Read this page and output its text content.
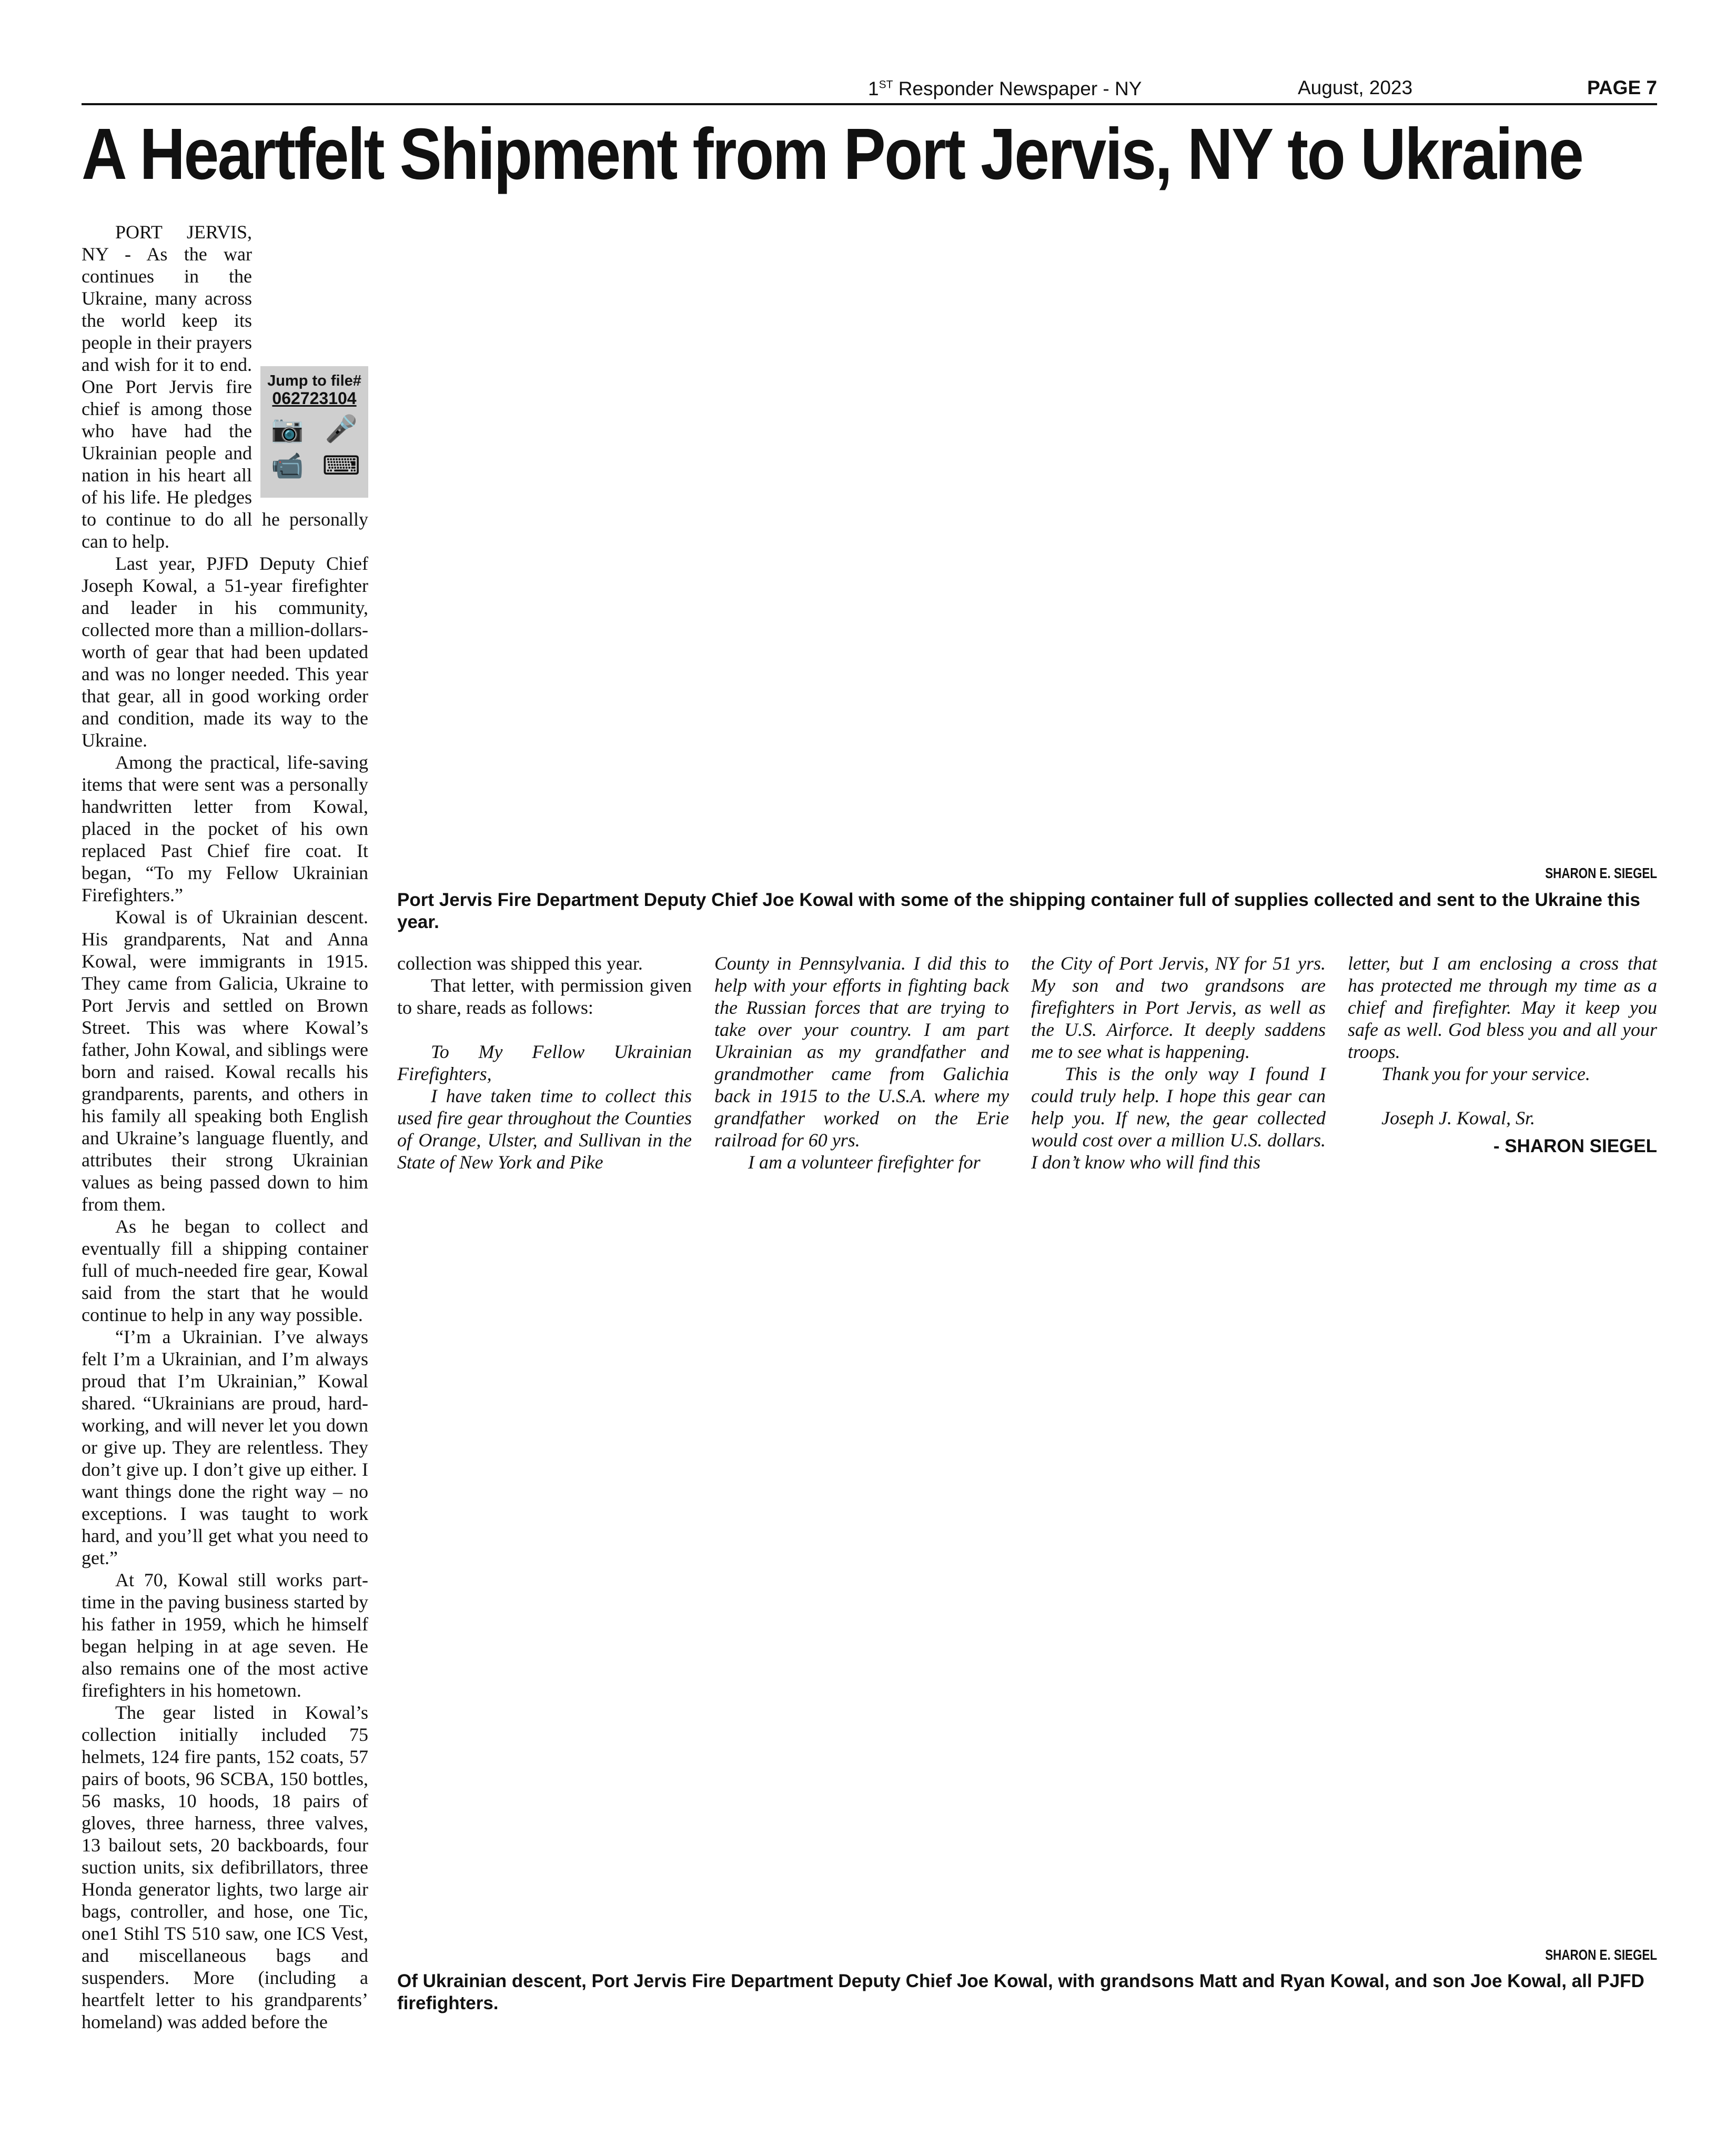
1ST Responder Newspaper - NY	August, 2023	PAGE 7
A Heartfelt Shipment from Port Jervis, NY to Ukraine
Jump to file#
062723104
📷 🎤
📹 ⌨

PORT JERVIS, NY - As the war continues in the Ukraine, many across the world keep its people in their prayers and wish for it to end. One Port Jervis fire chief is among those who have had the Ukrainian people and nation in his heart all of his life. He pledges to continue to do all he personally can to help.

Last year, PJFD Deputy Chief Joseph Kowal, a 51-year firefighter and leader in his community, collected more than a million-dollars-worth of gear that had been updated and was no longer needed. This year that gear, all in good working order and condition, made its way to the Ukraine.

Among the practical, life-saving items that were sent was a personally handwritten letter from Kowal, placed in the pocket of his own replaced Past Chief fire coat. It began, “To my Fellow Ukrainian Firefighters.”

Kowal is of Ukrainian descent. His grandparents, Nat and Anna Kowal, were immigrants in 1915. They came from Galicia, Ukraine to Port Jervis and settled on Brown Street. This was where Kowal’s father, John Kowal, and siblings were born and raised. Kowal recalls his grandparents, parents, and others in his family all speaking both English and Ukraine’s language fluently, and attributes their strong Ukrainian values as being passed down to him from them.

As he began to collect and eventually fill a shipping container full of much-needed fire gear, Kowal said from the start that he would continue to help in any way possible.

“I’m a Ukrainian. I’ve always felt I’m a Ukrainian, and I’m always proud that I’m Ukrainian,” Kowal shared. “Ukrainians are proud, hard-working, and will never let you down or give up. They are relentless. They don’t give up. I don’t give up either. I want things done the right way – no exceptions. I was taught to work hard, and you’ll get what you need to get.”

At 70, Kowal still works part-time in the paving business started by his father in 1959, which he himself began helping in at age seven. He also remains one of the most active firefighters in his hometown.

The gear listed in Kowal’s collection initially included 75 helmets, 124 fire pants, 152 coats, 57 pairs of boots, 96 SCBA, 150 bottles, 56 masks, 10 hoods, 18 pairs of gloves, three harness, three valves, 13 bailout sets, 20 backboards, four suction units, six defibrillators, three Honda generator lights, two large air bags, controller, and hose, one Tic, one1 Stihl TS 510 saw, one ICS Vest, and miscellaneous bags and suspenders. More (including a heartfelt letter to his grandparents’ homeland) was added before the

SHARON E. SIEGEL
Port Jervis Fire Department Deputy Chief Joe Kowal with some of the shipping container full of supplies collected and sent to the Ukraine this year.

collection was shipped this year.

That letter, with permission given to share, reads as follows:

To My Fellow Ukrainian Firefighters,

I have taken time to collect this used fire gear throughout the Counties of Orange, Ulster, and Sullivan in the State of New York and Pike

County in Pennsylvania. I did this to help with your efforts in fighting back the Russian forces that are trying to take over your country. I am part Ukrainian as my grandfather and grandmother came from Galichia back in 1915 to the U.S.A. where my grandfather worked on the Erie railroad for 60 yrs.

I am a volunteer firefighter for

the City of Port Jervis, NY for 51 yrs. My son and two grandsons are firefighters in Port Jervis, as well as the U.S. Airforce. It deeply saddens me to see what is happening.

This is the only way I found I could truly help. I hope this gear can help you. If new, the gear collected would cost over a million U.S. dollars. I don’t know who will find this

letter, but I am enclosing a cross that has protected me through my time as a chief and firefighter. May it keep you safe as well. God bless you and all your troops.

Thank you for your service.

Joseph J. Kowal, Sr.

- SHARON SIEGEL
SHARON E. SIEGEL
Of Ukrainian descent, Port Jervis Fire Department Deputy Chief Joe Kowal, with grandsons Matt and Ryan Kowal, and son Joe Kowal, all PJFD firefighters.
